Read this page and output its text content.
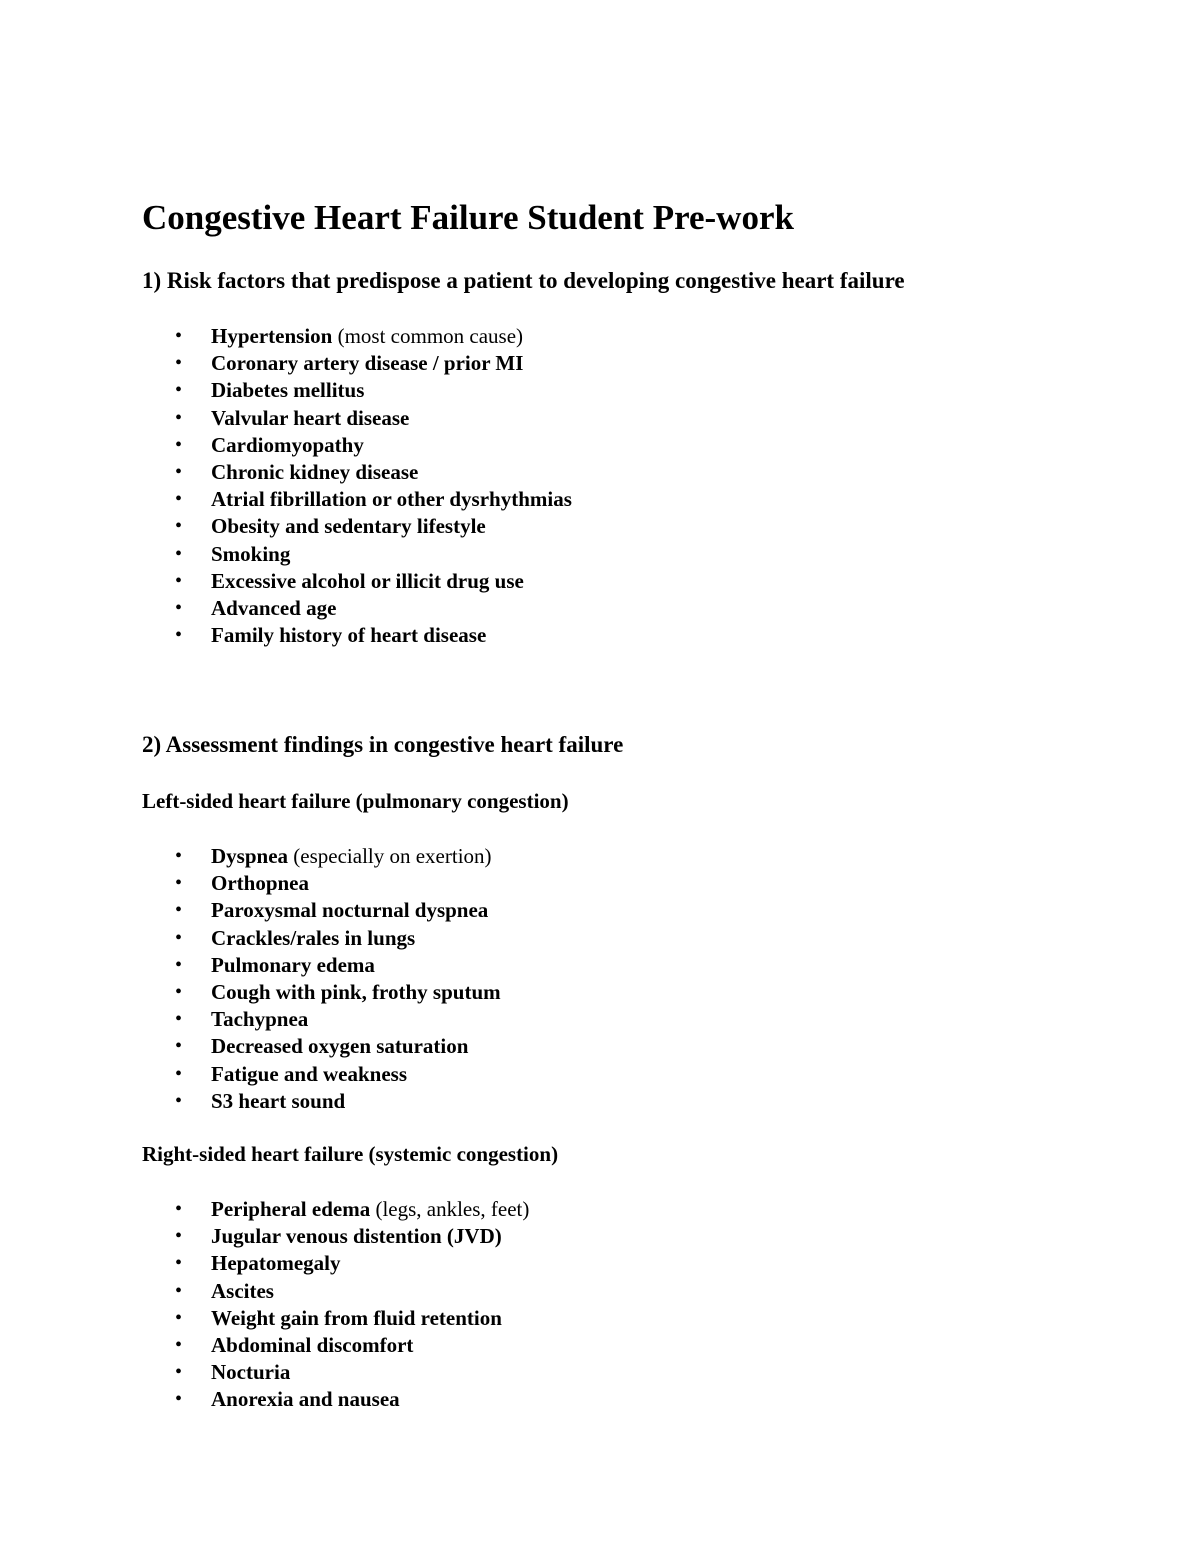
Congestive Heart Failure Student Pre-work
1) Risk factors that predispose a patient to developing congestive heart failure
• Hypertension (most common cause)
• Coronary artery disease / prior MI
• Diabetes mellitus
• Valvular heart disease
• Cardiomyopathy
• Chronic kidney disease
• Atrial fibrillation or other dysrhythmias
• Obesity and sedentary lifestyle
• Smoking
• Excessive alcohol or illicit drug use
• Advanced age
• Family history of heart disease
2) Assessment findings in congestive heart failure
Left-sided heart failure (pulmonary congestion)
• Dyspnea (especially on exertion)
• Orthopnea
• Paroxysmal nocturnal dyspnea
• Crackles/rales in lungs
• Pulmonary edema
• Cough with pink, frothy sputum
• Tachypnea
• Decreased oxygen saturation
• Fatigue and weakness
• S3 heart sound
Right-sided heart failure (systemic congestion)
• Peripheral edema (legs, ankles, feet)
• Jugular venous distention (JVD)
• Hepatomegaly
• Ascites
• Weight gain from fluid retention
• Abdominal discomfort
• Nocturia
• Anorexia and nausea
